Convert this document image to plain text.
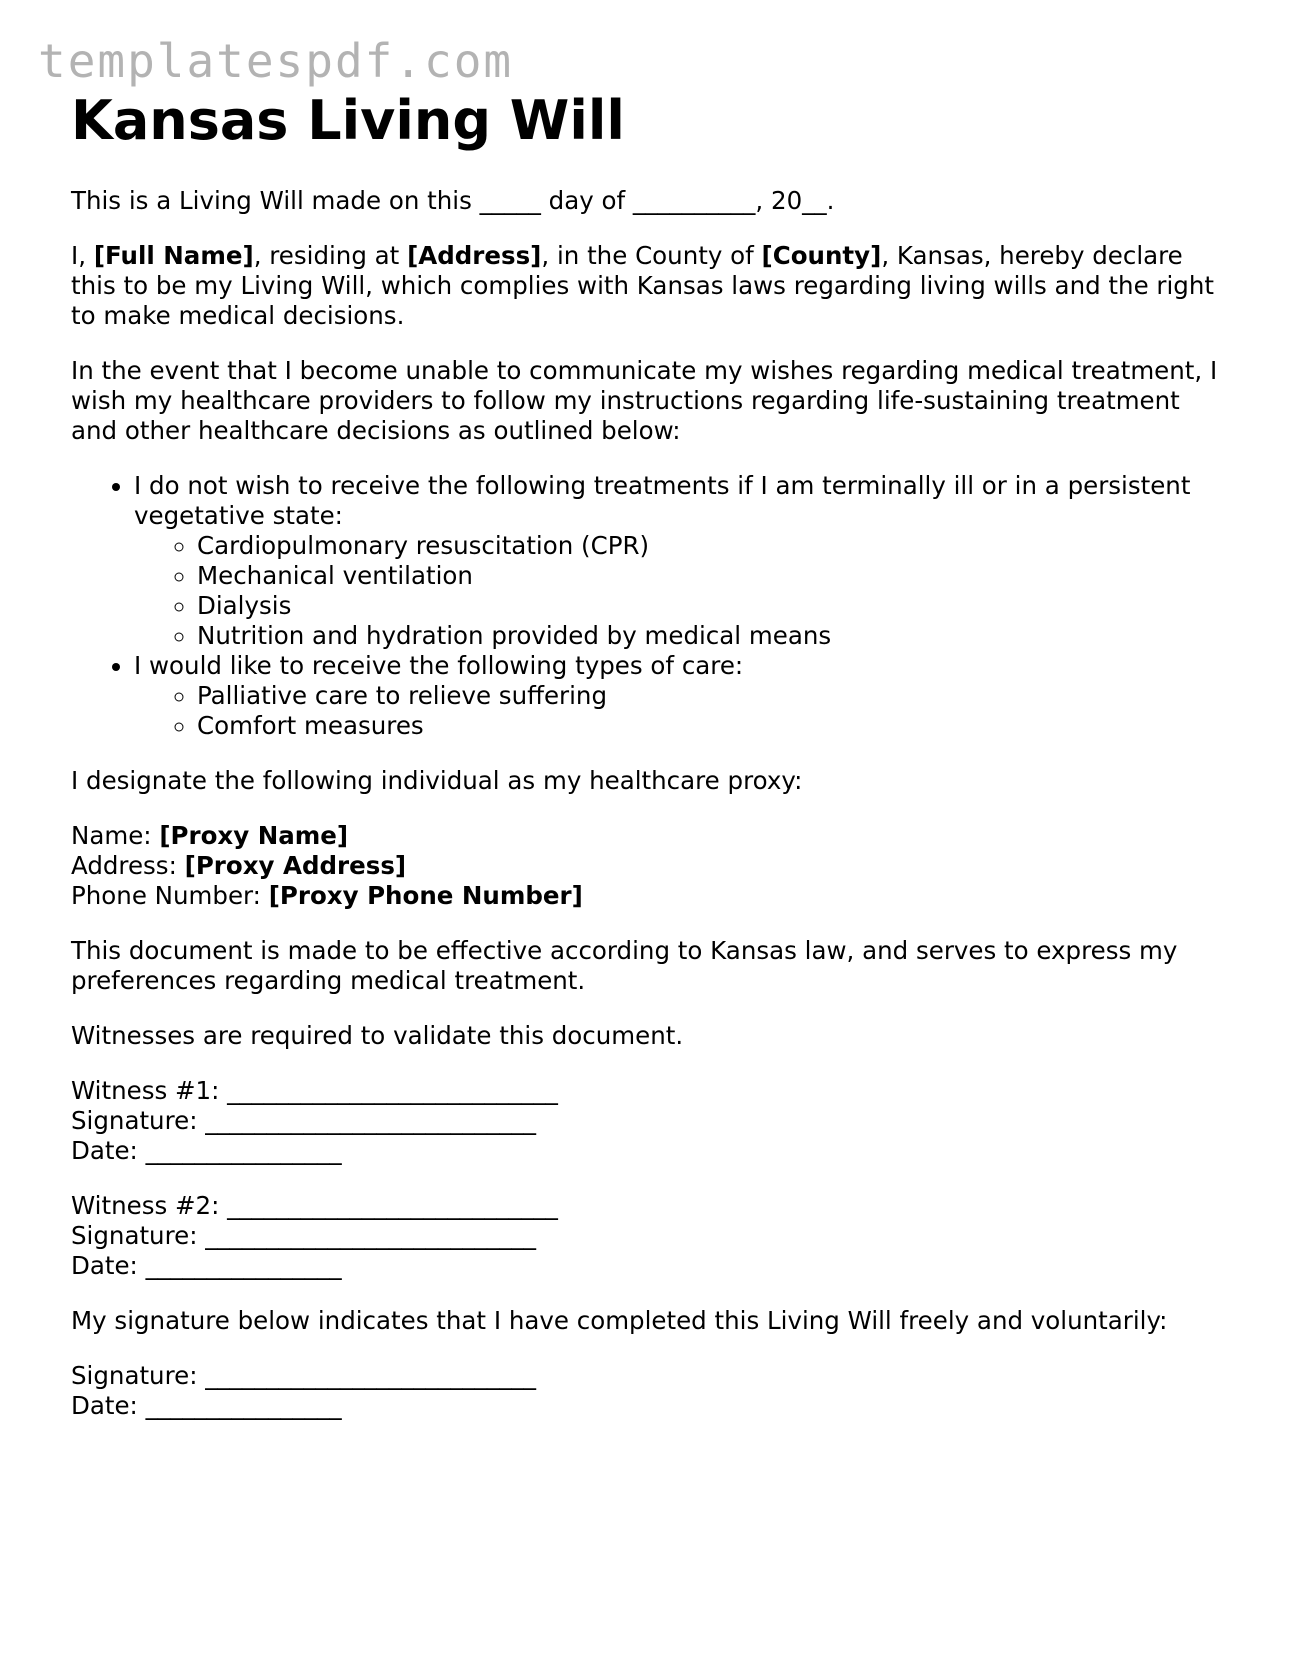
templatespdf.com
Kansas Living Will

This is a Living Will made on this _____ day of __________, 20__.

I, [Full Name], residing at [Address], in the County of [County], Kansas, hereby declare this to be my Living Will, which complies with Kansas laws regarding living wills and the right to make medical decisions.

In the event that I become unable to communicate my wishes regarding medical treatment, I wish my healthcare providers to follow my instructions regarding life-sustaining treatment and other healthcare decisions as outlined below:

• I do not wish to receive the following treatments if I am terminally ill or in a persistent vegetative state:
◦ Cardiopulmonary resuscitation (CPR)
◦ Mechanical ventilation
◦ Dialysis
◦ Nutrition and hydration provided by medical means
• I would like to receive the following types of care:
◦ Palliative care to relieve suffering
◦ Comfort measures

I designate the following individual as my healthcare proxy:

Name: [Proxy Name]
Address: [Proxy Address]
Phone Number: [Proxy Phone Number]

This document is made to be effective according to Kansas law, and serves to express my preferences regarding medical treatment.

Witnesses are required to validate this document.

Witness #1: ___________________________
Signature: ___________________________
Date: ________________
Witness #2: ___________________________
Signature: ___________________________
Date: ________________

My signature below indicates that I have completed this Living Will freely and voluntarily:

Signature: ___________________________
Date: ________________
